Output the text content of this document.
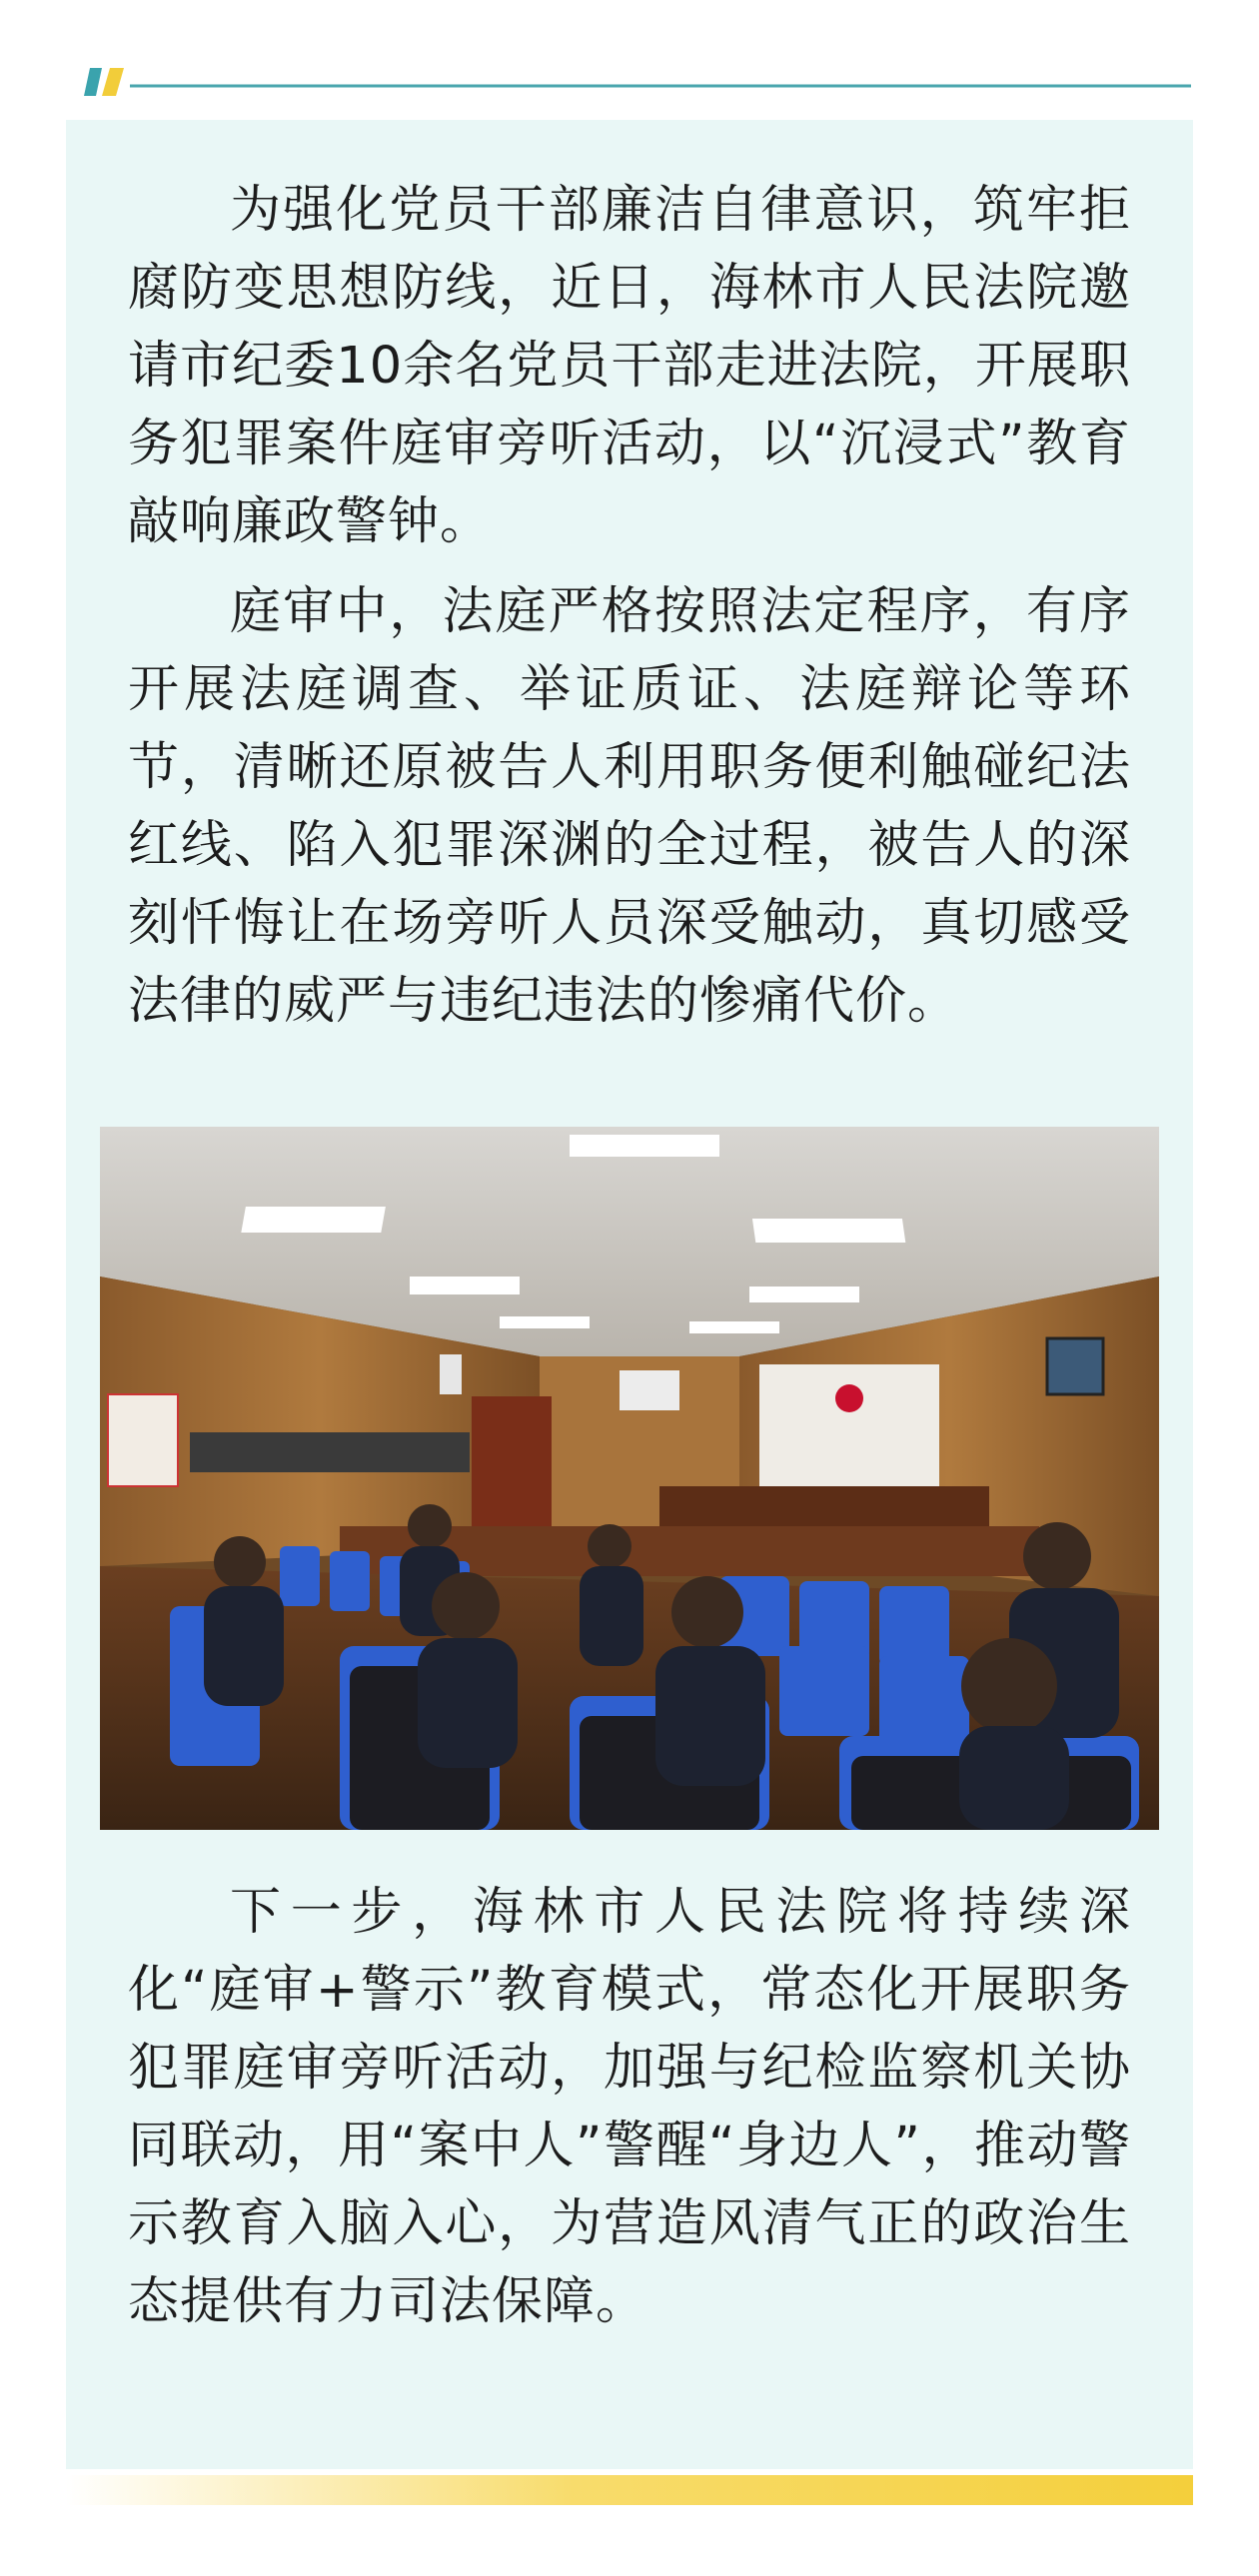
为强化党员干部廉洁自律意识，筑牢拒腐防变思想防线，近日，海林市人民法院邀请市纪委10余名党员干部走进法院，开展职务犯罪案件庭审旁听活动，以“沉浸式”教育敲响廉政警钟。

庭审中，法庭严格按照法定程序，有序开展法庭调查、举证质证、法庭辩论等环节，清晰还原被告人利用职务便利触碰纪法红线、陷入犯罪深渊的全过程，被告人的深刻忏悔让在场旁听人员深受触动，真切感受法律的威严与违纪违法的惨痛代价。

下一步，海林市人民法院将持续深化“庭审+警示”教育模式，常态化开展职务犯罪庭审旁听活动，加强与纪检监察机关协同联动，用“案中人”警醒“身边人”，推动警示教育入脑入心，为营造风清气正的政治生态提供有力司法保障。
